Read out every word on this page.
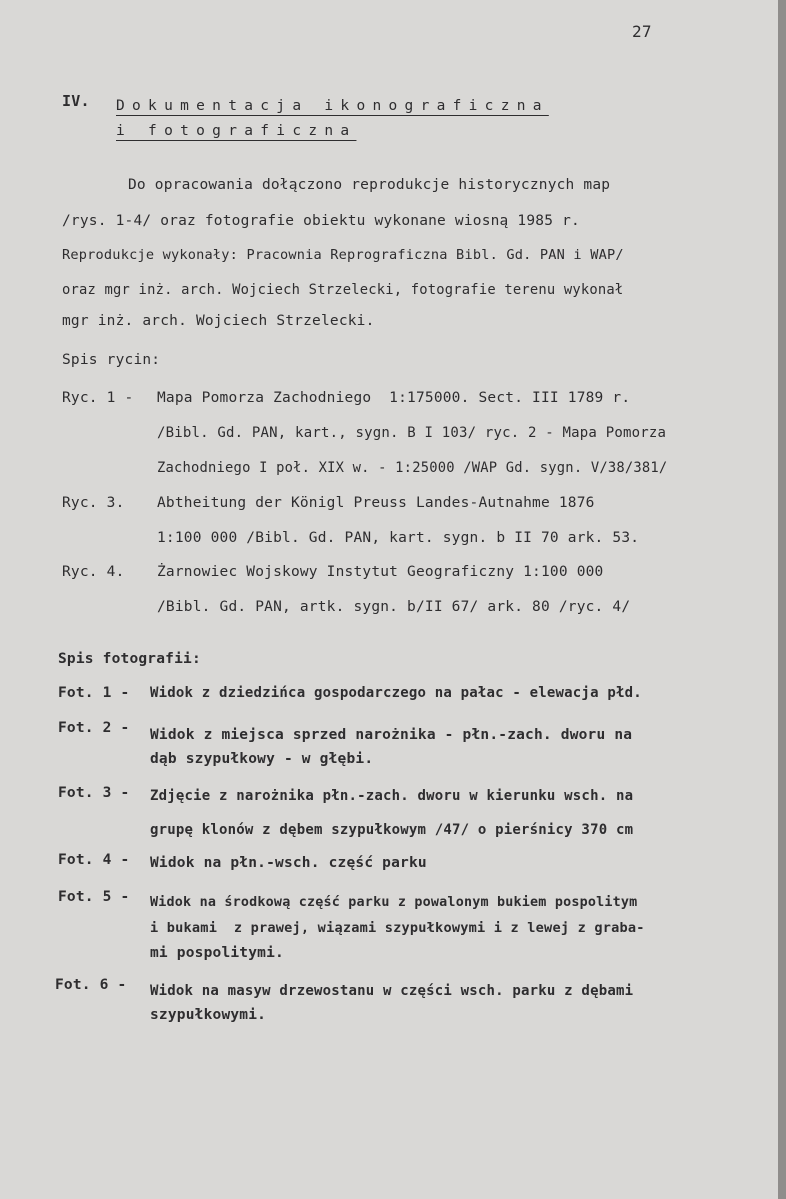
27
IV. Dokumentacja ikonograficzna
i fotograficzna
Do opracowania dołączono reprodukcje historycznych map
/rys. 1-4/ oraz fotografie obiektu wykonane wiosną 1985 r.
Reprodukcje wykonały: Pracownia Reprograficzna Bibl. Gd. PAN i WAP/
oraz mgr inż. arch. Wojciech Strzelecki, fotografie terenu wykonał
mgr inż. arch. Wojciech Strzelecki.
Spis rycin:
Ryc. 1 - Mapa Pomorza Zachodniego  1:175000. Sect. III 1789 r.
/Bibl. Gd. PAN, kart., sygn. B I 103/ ryc. 2 - Mapa Pomorza
Zachodniego I poł. XIX w. - 1:25000 /WAP Gd. sygn. V/38/381/
Ryc. 3. Abtheitung der Königl Preuss Landes-Autnahme 1876
1:100 000 /Bibl. Gd. PAN, kart. sygn. b II 70 ark. 53.
Ryc. 4. Żarnowiec Wojskowy Instytut Geograficzny 1:100 000
/Bibl. Gd. PAN, artk. sygn. b/II 67/ ark. 80 /ryc. 4/
Spis fotografii:
Fot. 1 - Widok z dziedzińca gospodarczego na pałac - elewacja płd.
Fot. 2 - Widok z miejsca sprzed narożnika - płn.-zach. dworu na
dąb szypułkowy - w głębi.
Fot. 3 - Zdjęcie z narożnika płn.-zach. dworu w kierunku wsch. na
grupę klonów z dębem szypułkowym /47/ o pierśnicy 370 cm
Fot. 4 - Widok na płn.-wsch. część parku
Fot. 5 - Widok na środkową część parku z powalonym bukiem pospolitym
i bukami  z prawej, wiązami szypułkowymi i z lewej z graba-
mi pospolitymi.
Fot. 6 - Widok na masyw drzewostanu w części wsch. parku z dębami
szypułkowymi.
